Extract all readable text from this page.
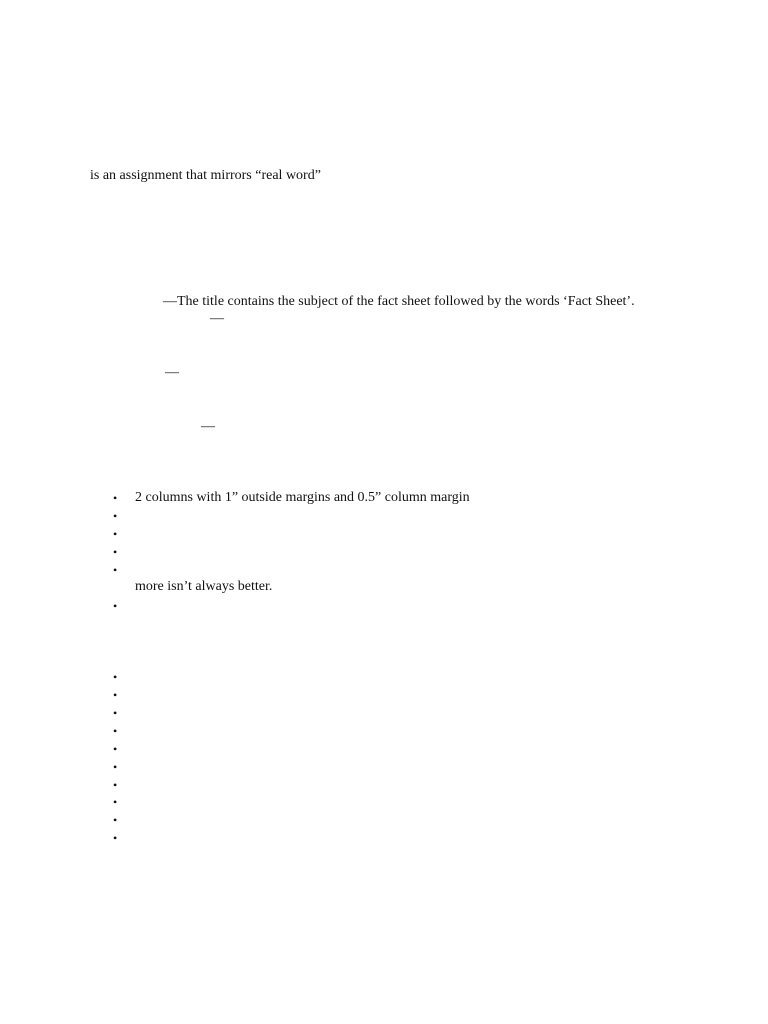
is an assignment that mirrors “real word”
—The title contains the subject of the fact sheet followed by the words ‘Fact Sheet’.
—
—
—
• 2 columns with 1” outside margins and 0.5” column margin
•
•
•
•
more isn’t always better.
•
•
•
•
•
•
•
•
•
•
•
